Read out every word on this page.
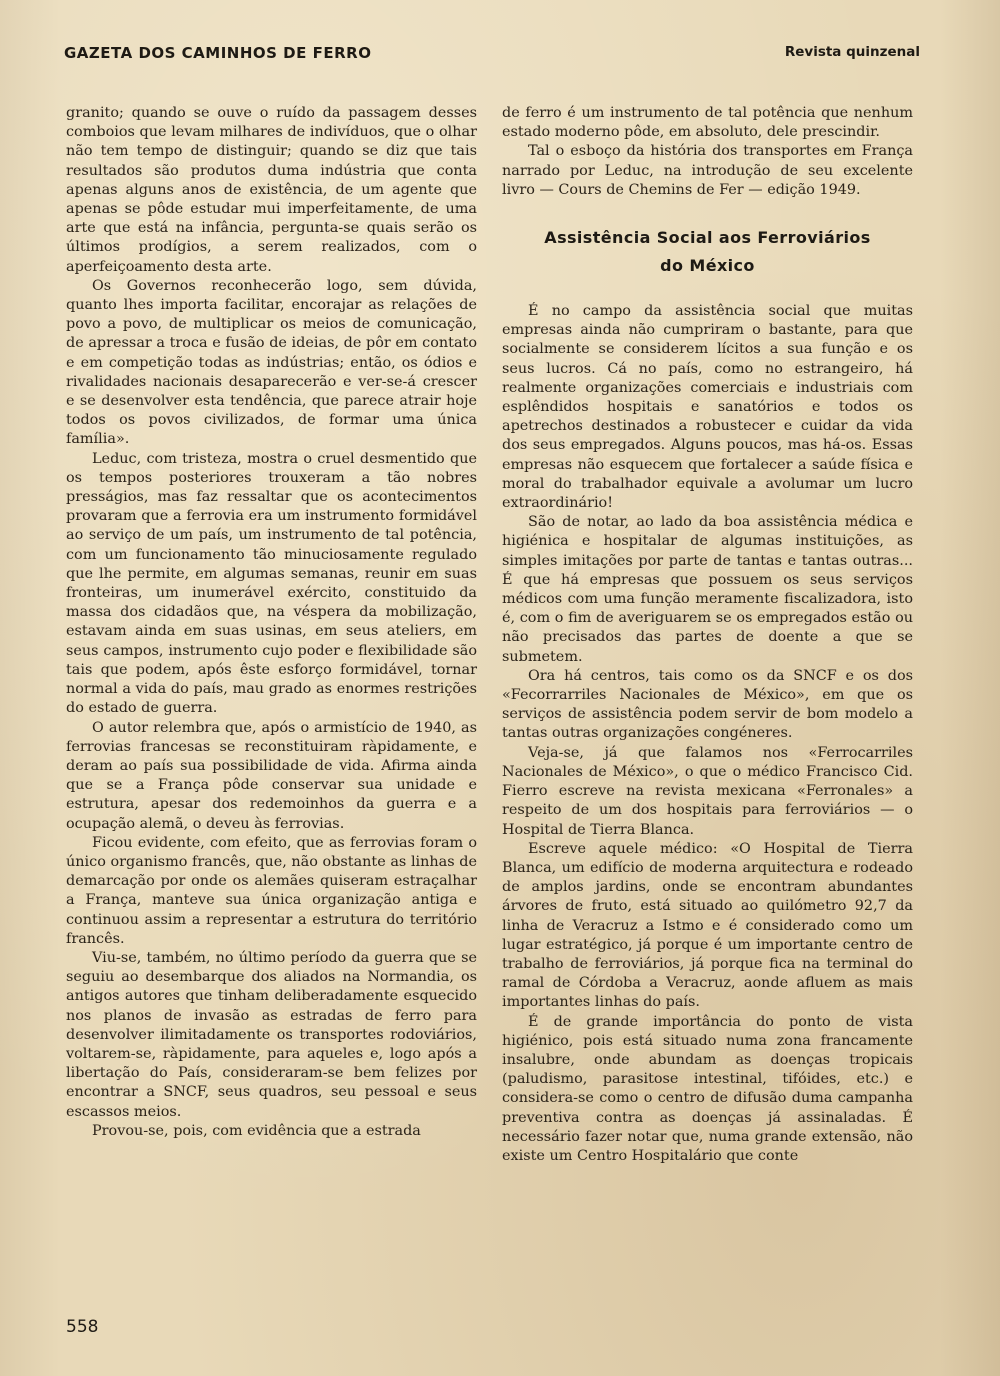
GAZETA DOS CAMINHOS DE FERRO	Revista quinzenal

granito; quando se ouve o ruído da passagem desses comboios que levam milhares de indivíduos, que o olhar não tem tempo de distinguir; quando se diz que tais resultados são produtos duma indústria que conta apenas alguns anos de existência, de um agente que apenas se pôde estudar mui imperfeitamente, de uma arte que está na infância, pergunta-se quais serão os últimos prodígios, a serem realizados, com o aperfeiçoamento desta arte.

Os Governos reconhecerão logo, sem dúvida, quanto lhes importa facilitar, encorajar as relações de povo a povo, de multiplicar os meios de comunicação, de apressar a troca e fusão de ideias, de pôr em contato e em competição todas as indústrias; então, os ódios e rivalidades nacionais desaparecerão e ver-se-á crescer e se desenvolver esta tendência, que parece atrair hoje todos os povos civilizados, de formar uma única família».

Leduc, com tristeza, mostra o cruel desmentido que os tempos posteriores trouxeram a tão nobres presságios, mas faz ressaltar que os acontecimentos provaram que a ferrovia era um instrumento formidável ao serviço de um país, um instrumento de tal potência, com um funcionamento tão minuciosamente regulado que lhe permite, em algumas semanas, reunir em suas fronteiras, um inumerável exército, constituido da massa dos cidadãos que, na véspera da mobilização, estavam ainda em suas usinas, em seus ateliers, em seus campos, instrumento cujo poder e flexibilidade são tais que podem, após êste esforço formidável, tornar normal a vida do país, mau grado as enormes restrições do estado de guerra.

O autor relembra que, após o armistício de 1940, as ferrovias francesas se reconstituiram ràpidamente, e deram ao país sua possibilidade de vida. Afirma ainda que se a França pôde conservar sua unidade e estrutura, apesar dos redemoinhos da guerra e a ocupação alemã, o deveu às ferrovias.

Ficou evidente, com efeito, que as ferrovias foram o único organismo francês, que, não obstante as linhas de demarcação por onde os alemães quiseram estraçalhar a França, manteve sua única organização antiga e continuou assim a representar a estrutura do território francês.

Viu-se, também, no último período da guerra que se seguiu ao desembarque dos aliados na Normandia, os antigos autores que tinham deliberadamente esquecido nos planos de invasão as estradas de ferro para desenvolver ilimitadamente os transportes rodoviários, voltarem-se, ràpidamente, para aqueles e, logo após a libertação do País, consideraram-se bem felizes por encontrar a SNCF, seus quadros, seu pessoal e seus escassos meios.

Provou-se, pois, com evidência que a estrada

de ferro é um instrumento de tal potência que nenhum estado moderno pôde, em absoluto, dele prescindir.

Tal o esboço da história dos transportes em França narrado por Leduc, na introdução de seu excelente livro — Cours de Chemins de Fer — edição 1949.

Assistência Social aos Ferroviários
do México

É no campo da assistência social que muitas empresas ainda não cumpriram o bastante, para que socialmente se considerem lícitos a sua função e os seus lucros. Cá no país, como no estrangeiro, há realmente organizações comerciais e industriais com esplêndidos hospitais e sanatórios e todos os apetrechos destinados a robustecer e cuidar da vida dos seus empregados. Alguns poucos, mas há-os. Essas empresas não esquecem que fortalecer a saúde física e moral do trabalhador equivale a avolumar um lucro extraordinário!

São de notar, ao lado da boa assistência médica e higiénica e hospitalar de algumas instituições, as simples imitações por parte de tantas e tantas outras... É que há empresas que possuem os seus serviços médicos com uma função meramente fiscalizadora, isto é, com o fim de averiguarem se os empregados estão ou não precisados das partes de doente a que se submetem.

Ora há centros, tais como os da SNCF e os dos «Fecorrarriles Nacionales de México», em que os serviços de assistência podem servir de bom modelo a tantas outras organizações congéneres.

Veja-se, já que falamos nos «Ferrocarriles Nacionales de México», o que o médico Francisco Cid. Fierro escreve na revista mexicana «Ferronales» a respeito de um dos hospitais para ferroviários — o Hospital de Tierra Blanca.

Escreve aquele médico: «O Hospital de Tierra Blanca, um edifício de moderna arquitectura e rodeado de amplos jardins, onde se encontram abundantes árvores de fruto, está situado ao quilómetro 92,7 da linha de Veracruz a Istmo e é considerado como um lugar estratégico, já porque é um importante centro de trabalho de ferroviários, já porque fica na terminal do ramal de Córdoba a Veracruz, aonde afluem as mais importantes linhas do país.

É de grande importância do ponto de vista higiénico, pois está situado numa zona francamente insalubre, onde abundam as doenças tropicais (paludismo, parasitose intestinal, tifóides, etc.) e considera-se como o centro de difusão duma campanha preventiva contra as doenças já assinaladas. É necessário fazer notar que, numa grande extensão, não existe um Centro Hospitalário que conte

558
